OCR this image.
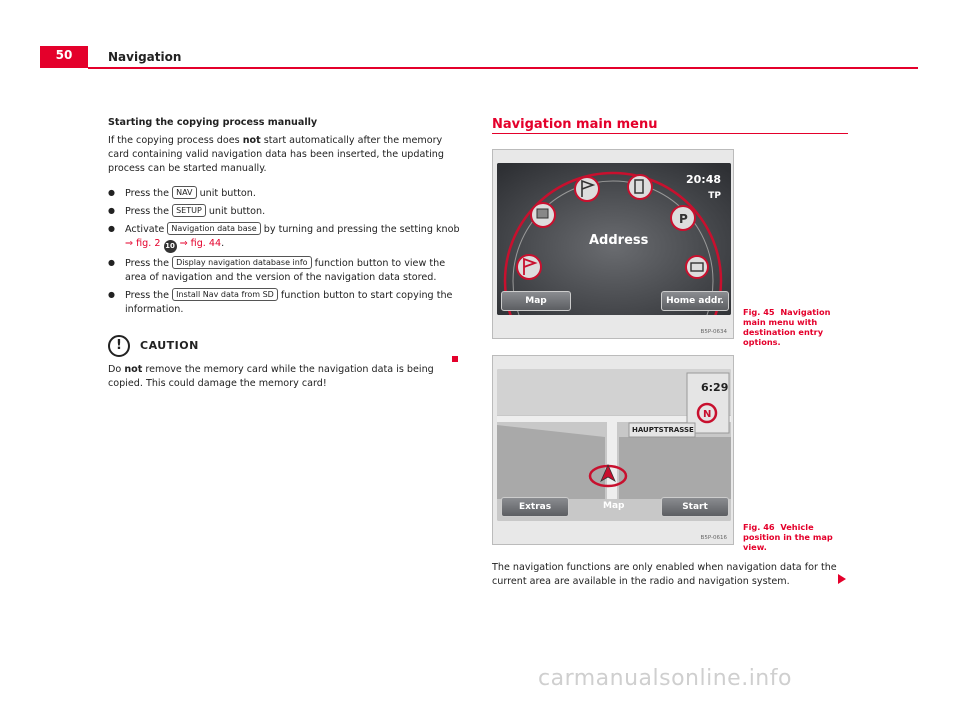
50	Navigation
Starting the copying process manually

If the copying process does not start automatically after the memory card containing valid navigation data has been inserted, the updating process can be started manually.

● Press the NAV unit button.
● Press the SETUP unit button.
● Activate Navigation data base by turning and pressing the setting knob
⇒ fig. 2 10 ⇒ fig. 44.
● Press the Display navigation database info function button to view the area of navigation and the version of the navigation data stored.
● Press the Install Nav data from SD function button to start copying the information.
!	CAUTION
Do not remove the memory card while the navigation data is being copied. This could damage the memory card!
Navigation main menu
P
20:48
TP
Address
Map	Home addr.
B5P-0634
Fig. 45 Navigation main menu with destination entry options.
N
6:29
HAUPTSTRASSE
Extras	Map	Start
B5P-0616
Fig. 46 Vehicle position in the map view.
The navigation functions are only enabled when navigation data for the current area are available in the radio and navigation system.
carmanualsonline.info
